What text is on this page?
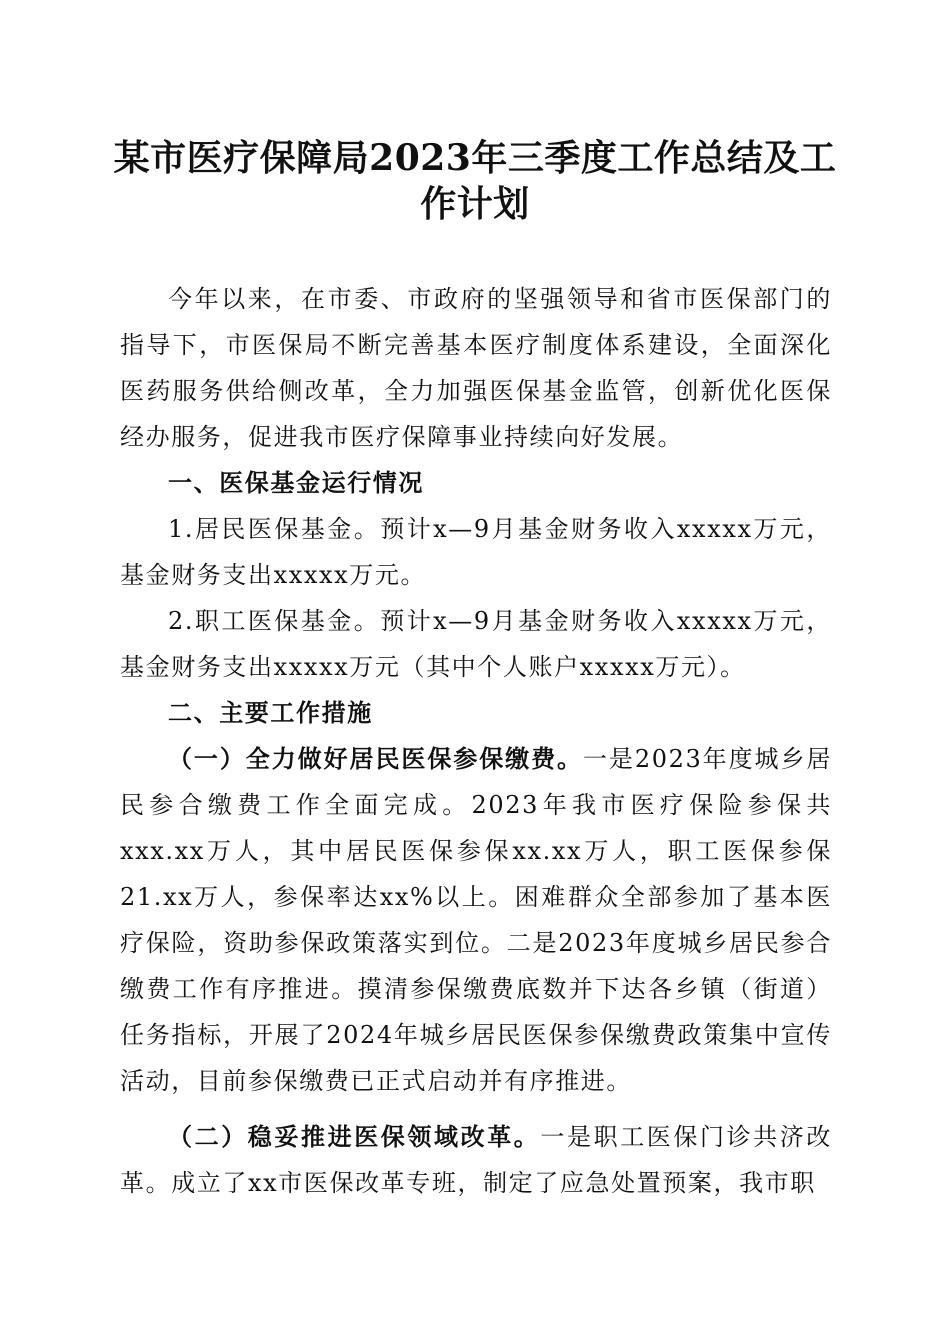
某市医疗保障局2023年三季度工作总结及工作计划

今年以来，在市委、市政府的坚强领导和省市医保部门的指导下，市医保局不断完善基本医疗制度体系建设，全面深化医药服务供给侧改革，全力加强医保基金监管，创新优化医保经办服务，促进我市医疗保障事业持续向好发展。

一、医保基金运行情况

1.居民医保基金。预计x—9月基金财务收入xxxxx万元，基金财务支出xxxxx万元。

2.职工医保基金。预计x—9月基金财务收入xxxxx万元，基金财务支出xxxxx万元（其中个人账户xxxxx万元）。

二、主要工作措施

（一）全力做好居民医保参保缴费。一是2023年度城乡居民参合缴费工作全面完成。2023年我市医疗保险参保共xxx.xx万人，其中居民医保参保xx.xx万人，职工医保参保21.xx万人，参保率达xx%以上。困难群众全部参加了基本医疗保险，资助参保政策落实到位。二是2023年度城乡居民参合缴费工作有序推进。摸清参保缴费底数并下达各乡镇（街道）任务指标，开展了2024年城乡居民医保参保缴费政策集中宣传活动，目前参保缴费已正式启动并有序推进。

（二）稳妥推进医保领域改革。一是职工医保门诊共济改革。成立了xx市医保改革专班，制定了应急处置预案，我市职
